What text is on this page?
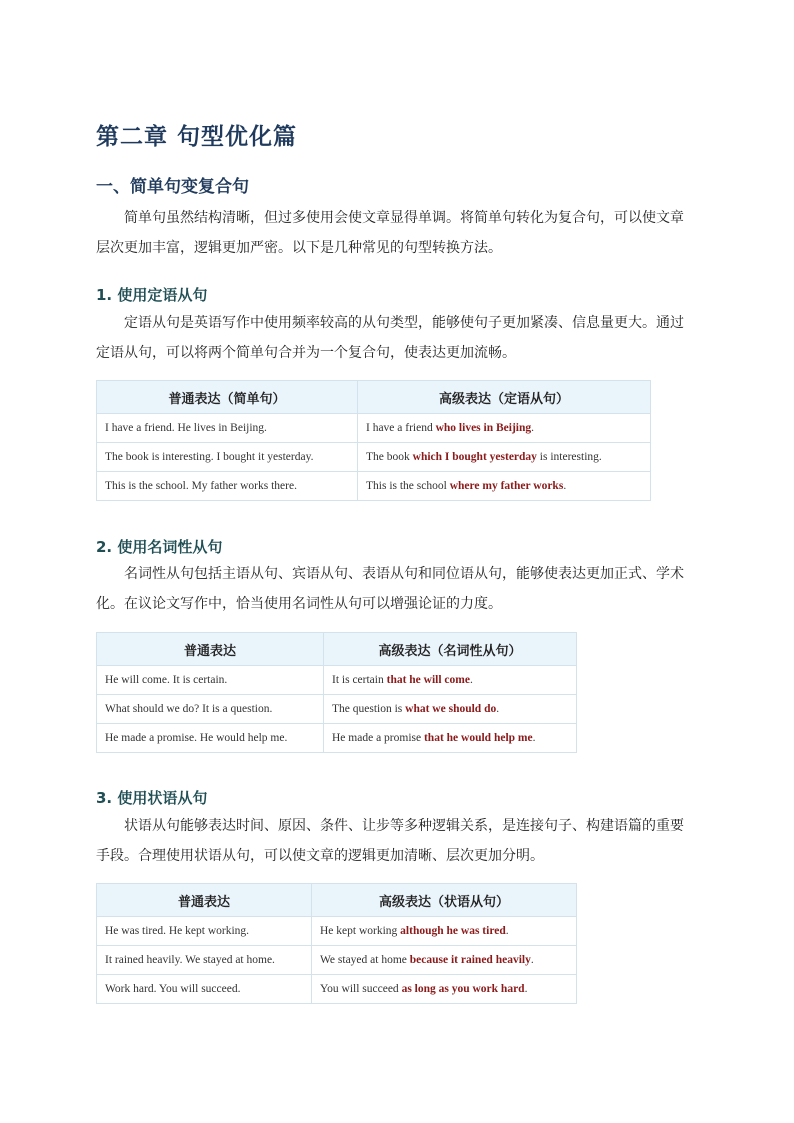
第二章 句型优化篇
一、简单句变复合句
简单句虽然结构清晰，但过多使用会使文章显得单调。将简单句转化为复合句，可以使文章层次更加丰富，逻辑更加严密。以下是几种常见的句型转换方法。
1. 使用定语从句
定语从句是英语写作中使用频率较高的从句类型，能够使句子更加紧凑、信息量更大。通过定语从句，可以将两个简单句合并为一个复合句，使表达更加流畅。
普通表达（简单句）	高级表达（定语从句）
I have a friend. He lives in Beijing.	I have a friend who lives in Beijing.
The book is interesting. I bought it yesterday.	The book which I bought yesterday is interesting.
This is the school. My father works there.	This is the school where my father works.
2. 使用名词性从句
名词性从句包括主语从句、宾语从句、表语从句和同位语从句，能够使表达更加正式、学术化。在议论文写作中，恰当使用名词性从句可以增强论证的力度。
普通表达	高级表达（名词性从句）
He will come. It is certain.	It is certain that he will come.
What should we do? It is a question.	The question is what we should do.
He made a promise. He would help me.	He made a promise that he would help me.
3. 使用状语从句
状语从句能够表达时间、原因、条件、让步等多种逻辑关系，是连接句子、构建语篇的重要手段。合理使用状语从句，可以使文章的逻辑更加清晰、层次更加分明。
普通表达	高级表达（状语从句）
He was tired. He kept working.	He kept working although he was tired.
It rained heavily. We stayed at home.	We stayed at home because it rained heavily.
Work hard. You will succeed.	You will succeed as long as you work hard.
